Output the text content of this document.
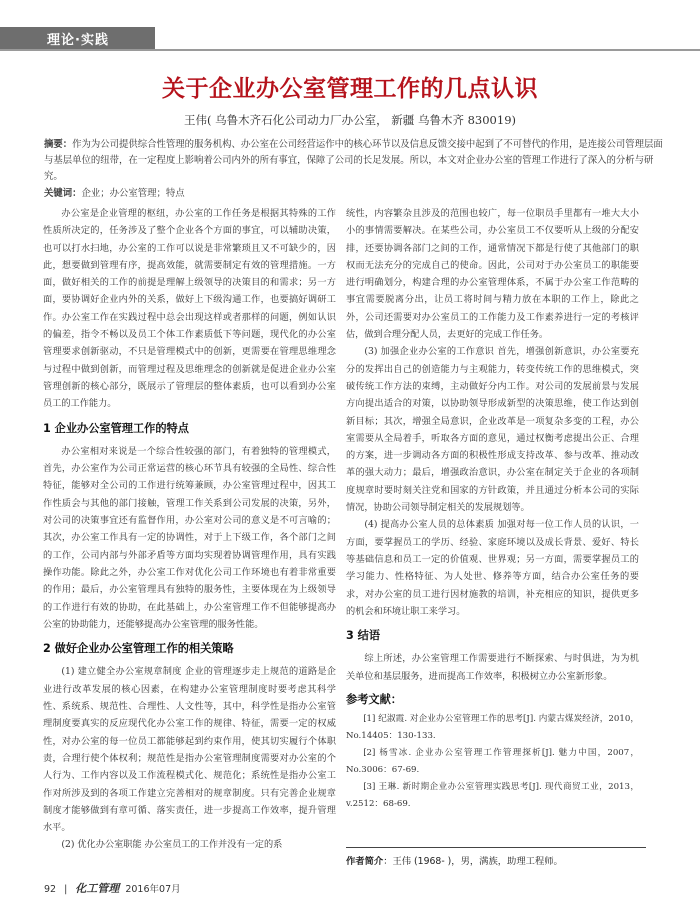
理论·实践
关于企业办公室管理工作的几点认识
王伟( 乌鲁木齐石化公司动力厂办公室， 新疆 乌鲁木齐 830019)
摘要：作为为公司提供综合性管理的服务机构、办公室在公司经营运作中的核心环节以及信息反馈交接中起到了不可替代的作用，是连接公司管理层面与基层单位的纽带，在一定程度上影响着公司内外的所有事宜，保障了公司的长足发展。所以，本文对企业办公室的管理工作进行了深入的分析与研究。
关键词：企业；办公室管理；特点

办公室是企业管理的枢纽，办公室的工作任务是根据其特殊的工作性质所决定的，任务涉及了整个企业各个方面的事宜，可以辅助决策，也可以打水扫地，办公室的工作可以说是非常繁琐且又不可缺少的，因此，想要做到管理有序，提高效能，就需要制定有效的管理措施。一方面，做好相关的工作的前提是理解上级领导的决策目的和需求；另一方面，要协调好企业内外的关系，做好上下级沟通工作，也要搞好调研工作。办公室工作在实践过程中总会出现这样或者那样的问题，例如认识的偏差，指令不畅以及员工个体工作素质低下等问题，现代化的办公室管理要求创新驱动，不只是管理模式中的创新，更需要在管理思维理念与过程中做到创新，而管理过程及思维理念的创新就是促进企业办公室管理创新的核心部分，既展示了管理层的整体素质，也可以看到办公室员工的工作能力。

1 企业办公室管理工作的特点

办公室相对来说是一个综合性较强的部门，有着独特的管理模式，首先，办公室作为公司正常运营的核心环节具有较强的全局性、综合性特征，能够对全公司的工作进行统筹兼顾，办公室管理过程中，因其工作性质会与其他的部门接触，管理工作关系到公司发展的决策，另外，对公司的决策事宜还有监督作用，办公室对公司的意义是不可言喻的；其次，办公室工作具有一定的协调性，对于上下级工作，各个部门之间的工作，公司内部与外部矛盾等方面均实现着协调管理作用，具有实践操作功能。除此之外，办公室工作对优化公司工作环境也有着非常重要的作用；最后，办公室管理具有独特的服务性，主要体现在为上级领导的工作进行有效的协助，在此基础上，办公室管理工作不但能够提高办公室的协助能力，还能够提高办公室管理的服务性能。

2 做好企业办公室管理工作的相关策略

(1) 建立健全办公室规章制度 企业的管理逐步走上规范的道路是企业进行改革发展的核心因素，在构建办公室管理制度时要考虑其科学性、系统系、规范性、合理性、人文性等，其中，科学性是指办公室管理制度要真实的反应现代化办公室工作的规律、特征，需要一定的权威性，对办公室的每一位员工都能够起到约束作用，使其切实履行个体职责，合理行使个体权利；规范性是指办公室管理制度需要对办公室的个人行为、工作内容以及工作流程模式化、规范化；系统性是指办公室工作对所涉及到的各项工作建立完善相对的规章制度。只有完善企业规章制度才能够做到有章可循、落实责任，进一步提高工作效率，提升管理水平。

(2) 优化办公室职能 办公室员工的工作并没有一定的系

统性，内容繁杂且涉及的范围也较广，每一位职员手里都有一堆大大小小的事情需要解决。在某些公司，办公室员工不仅要听从上级的分配安排，还要协调各部门之间的工作，通常情况下都是行使了其他部门的职权而无法充分的完成自己的使命。因此，公司对于办公室员工的职能要进行明确划分，构建合理的办公室管理体系，不属于办公室工作范畴的事宜需要脱离分出，让员工将时间与精力放在本职的工作上，除此之外，公司还需要对办公室员工的工作能力及工作素养进行一定的考核评估，做到合理分配人员，去更好的完成工作任务。

(3) 加强企业办公室的工作意识 首先，增强创新意识，办公室要充分的发挥出自己的创造能力与主观能力，转变传统工作的思维模式，突破传统工作方法的束缚，主动做好分内工作。对公司的发展前景与发展方向提出适合的对策，以协助领导形成新型的决策思维，使工作达到创新目标；其次，增强全局意识，企业改革是一项复杂多变的工程，办公室需要从全局着手，听取各方面的意见，通过权衡考虑提出公正、合理的方案，进一步调动各方面的积极性形成支持改革、参与改革、推动改革的强大动力；最后，增强政治意识，办公室在制定关于企业的各项制度规章时要时刻关注党和国家的方针政策，并且通过分析本公司的实际情况，协助公司领导制定相关的发展规划等。

(4) 提高办公室人员的总体素质 加强对每一位工作人员的认识，一方面，要掌握员工的学历、经验、家庭环境以及成长背景、爱好、特长等基础信息和员工一定的价值观、世界观；另一方面，需要掌握员工的学习能力、性格特征、为人处世、修养等方面，结合办公室任务的要求，对办公室的员工进行因材施教的培训，补充相应的知识，提供更多的机会和环境让职工来学习。

3 结语

综上所述，办公室管理工作需要进行不断探索、与时俱进，为为机关单位和基层服务，进而提高工作效率，积极树立办公室新形象。

参考文献：

[1] 纪淑霞. 对企业办公室管理工作的思考[J]. 内蒙古煤炭经济，2010，No.14405：130-133.

[2] 杨雪冰. 企业办公室管理工作管理探析[J]. 魅力中国，2007，No.3006：67-69.

[3] 王琳. 新时期企业办公室管理实践思考[J]. 现代商贸工业，2013，v.2512：68-69.

作者简介：王伟 (1968- )，男，满族，助理工程师。
92 | 化工管理 2016年07月
